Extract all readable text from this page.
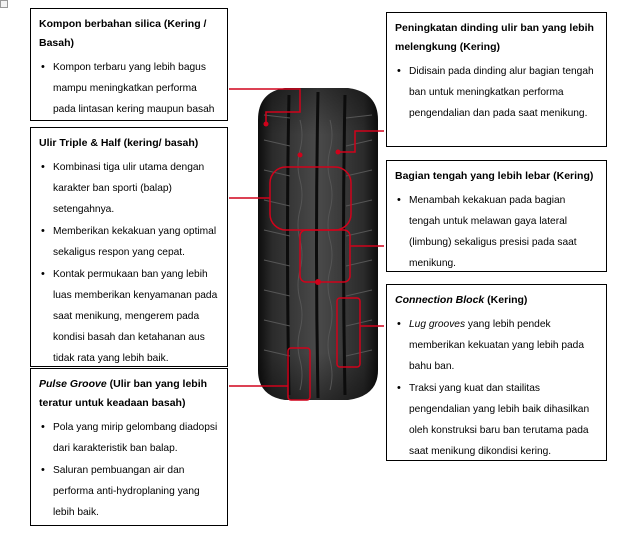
Kompon berbahan silica (Kering / Basah)
• Kompon terbaru yang lebih bagus mampu meningkatkan performa pada lintasan kering maupun basah
Ulir Triple & Half (kering/ basah)
• Kombinasi tiga ulir utama dengan karakter ban sporti (balap) setengahnya.
• Memberikan kekakuan yang optimal sekaligus respon yang cepat.
• Kontak permukaan ban yang lebih luas memberikan kenyamanan pada saat menikung, mengerem pada kondisi basah dan ketahanan aus tidak rata yang lebih baik.
Pulse Groove (Ulir ban yang lebih teratur untuk keadaan basah)
• Pola yang mirip gelombang diadopsi dari karakteristik ban balap.
• Saluran pembuangan air dan performa anti-hydroplaning yang lebih baik.
Peningkatan dinding ulir ban yang lebih melengkung (Kering)
• Didisain pada dinding alur bagian tengah ban untuk meningkatkan performa pengendalian dan pada saat menikung.
Bagian tengah yang lebih lebar (Kering)
• Menambah kekakuan pada bagian tengah untuk melawan gaya lateral (limbung) sekaligus presisi pada saat menikung.
Connection Block (Kering)
• Lug grooves yang lebih pendek memberikan kekuatan yang lebih pada bahu ban.
• Traksi yang kuat dan stailitas pengendalian yang lebih baik dihasilkan oleh konstruksi baru ban terutama pada saat menikung dikondisi kering.
